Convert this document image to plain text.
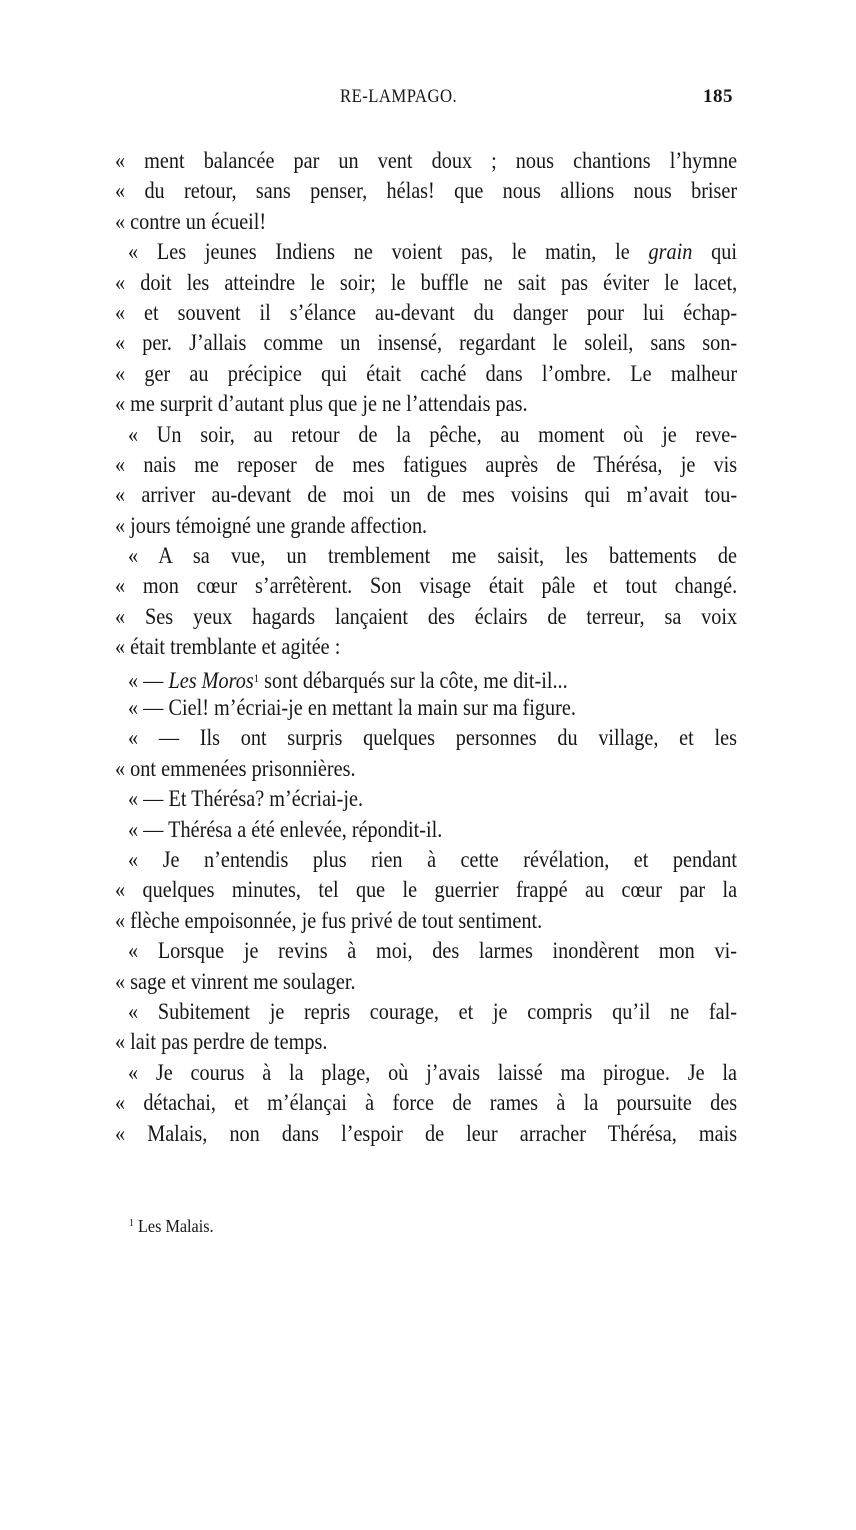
RE-LAMPAGO.	185
« ment balancée par un vent doux ; nous chantions l’hymne
« du retour, sans penser, hélas! que nous allions nous briser
« contre un écueil!
« Les jeunes Indiens ne voient pas, le matin, le grain qui
« doit les atteindre le soir; le buffle ne sait pas éviter le lacet,
« et souvent il s’élance au-devant du danger pour lui échap-
« per. J’allais comme un insensé, regardant le soleil, sans son-
« ger au précipice qui était caché dans l’ombre. Le malheur
« me surprit d’autant plus que je ne l’attendais pas.
« Un soir, au retour de la pêche, au moment où je reve-
« nais me reposer de mes fatigues auprès de Thérésa, je vis
« arriver au-devant de moi un de mes voisins qui m’avait tou-
« jours témoigné une grande affection.
« A sa vue, un tremblement me saisit, les battements de
« mon cœur s’arrêtèrent. Son visage était pâle et tout changé.
« Ses yeux hagards lançaient des éclairs de terreur, sa voix
« était tremblante et agitée :
« — Les Moros$^1$ sont débarqués sur la côte, me dit-il...
« — Ciel! m’écriai-je en mettant la main sur ma figure.
« — Ils ont surpris quelques personnes du village, et les
« ont emmenées prisonnières.
« — Et Thérésa? m’écriai-je.
« — Thérésa a été enlevée, répondit-il.
« Je n’entendis plus rien à cette révélation, et pendant
« quelques minutes, tel que le guerrier frappé au cœur par la
« flèche empoisonnée, je fus privé de tout sentiment.
« Lorsque je revins à moi, des larmes inondèrent mon vi-
« sage et vinrent me soulager.
« Subitement je repris courage, et je compris qu’il ne fal-
« lait pas perdre de temps.
« Je courus à la plage, où j’avais laissé ma pirogue. Je la
« détachai, et m’élançai à force de rames à la poursuite des
« Malais, non dans l’espoir de leur arracher Thérésa, mais
$^1$ Les Malais.
